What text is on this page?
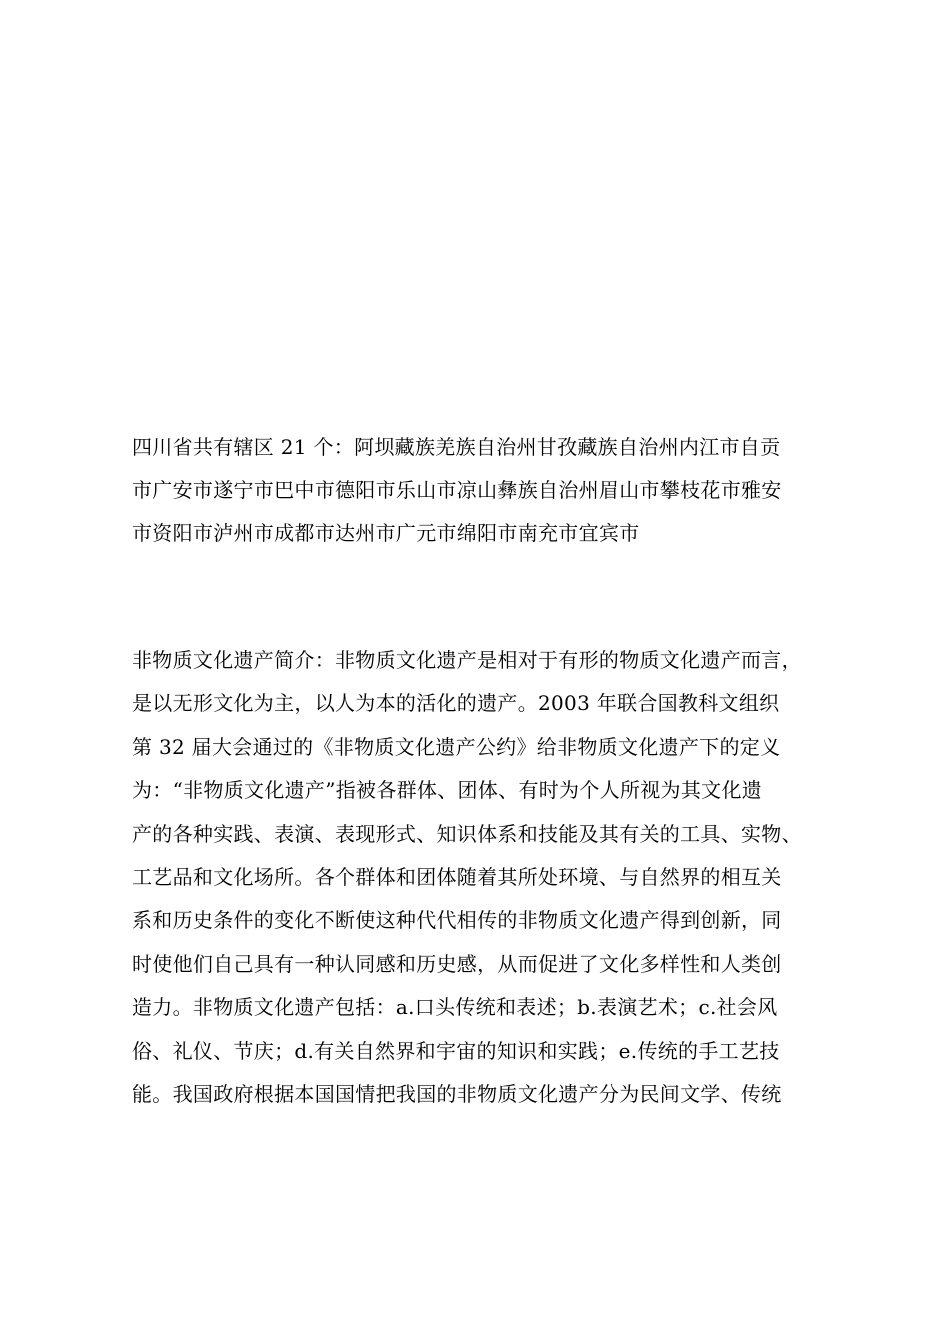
四川省共有辖区 21 个：阿坝藏族羌族自治州甘孜藏族自治州内江市自贡
市广安市遂宁市巴中市德阳市乐山市凉山彝族自治州眉山市攀枝花市雅安
市资阳市泸州市成都市达州市广元市绵阳市南充市宜宾市
非物质文化遗产简介：非物质文化遗产是相对于有形的物质文化遗产而言，
是以无形文化为主，以人为本的活化的遗产。2003 年联合国教科文组织
第 32 届大会通过的《非物质文化遗产公约》给非物质文化遗产下的定义
为：“非物质文化遗产”指被各群体、团体、有时为个人所视为其文化遗
产的各种实践、表演、表现形式、知识体系和技能及其有关的工具、实物、
工艺品和文化场所。各个群体和团体随着其所处环境、与自然界的相互关
系和历史条件的变化不断使这种代代相传的非物质文化遗产得到创新，同
时使他们自己具有一种认同感和历史感，从而促进了文化多样性和人类创
造力。非物质文化遗产包括：a.口头传统和表述；b.表演艺术；c.社会风
俗、礼仪、节庆；d.有关自然界和宇宙的知识和实践；e.传统的手工艺技
能。我国政府根据本国国情把我国的非物质文化遗产分为民间文学、传统
